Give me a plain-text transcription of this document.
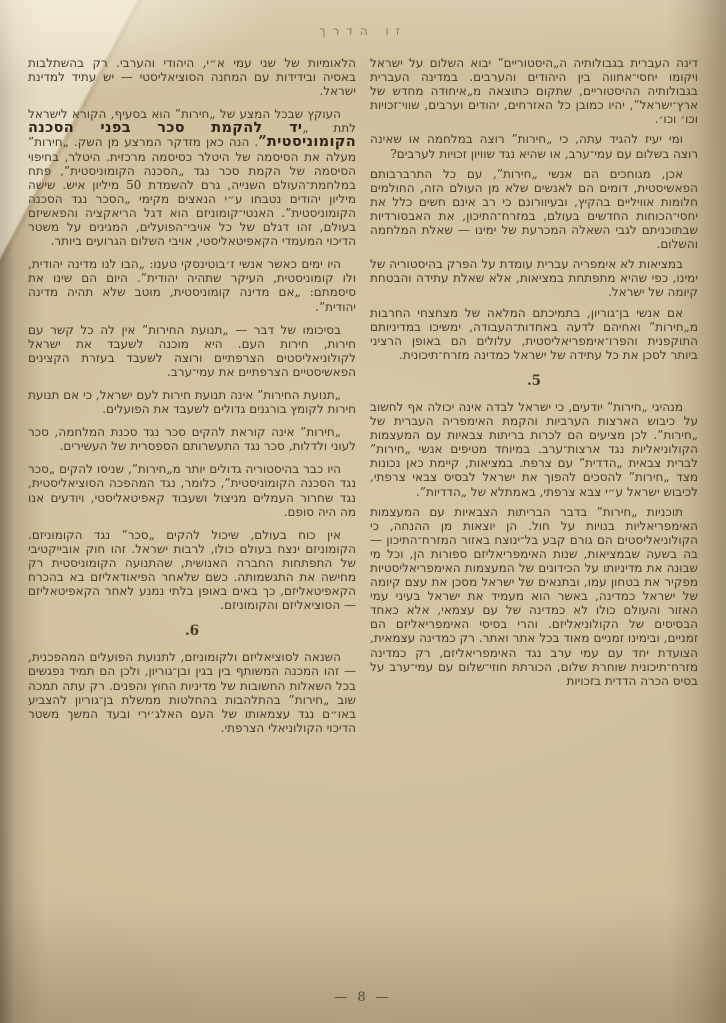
זו הדרך

דינה העברית בגבולותיה ה„היסטוריים” יבוא השלום על ישראל ויקומו יחסי־אחווה בין היהודים והערבים. במדינה העברית בגבולותיה ההיסטוריים, שתקום כתוצאה מ„איחודה מחדש של ארץ־ישראל”, יהיו כמובן כל האזרחים, יהודים וערבים, שווי־זכויות וכו׳ וכו׳.

ומי יעיז להגיד עתה, כי „חירות” רוצה במלחמה או שאינה רוצה בשלום עם עמי־ערב, או שהיא נגד שוויון זכויות לערבים?

אכן, מגוחכים הם אנשי „חירות”, עם כל התרברבותם הפאשיסטית, דומים הם לאנשים שלא מן העולם הזה, החולמים חלומות אוויליים בהקיץ, ובעיוורונם כי רב אינם חשים כלל את יחסי־הכוחות החדשים בעולם, במזרח־התיכון, את האבסורדיות שבתוכניתם לגבי השאלה המכרעת של ימינו — שאלת המלחמה והשלום.

במציאות לא אימפריה עברית עומדת על הפרק בהיסטוריה של ימינו, כפי שהיא מתפתחת במציאות, אלא שאלת עתידה והבטחת קיומה של ישראל.

אם אנשי בן־גוריון, בתמיכתם המלאה של מצחצחי החרבות מ„חירות” ואחיהם לדעה באחדות־העבודה, ימשיכו במדיניותם התוקפנית והפרו־אימפריאליסטית, עלולים הם באופן הרציני ביותר לסכן את כל עתידה של ישראל כמדינה מזרח־תיכונית.

.5

מנהיגי „חירות” יודעים, כי ישראל לבדה אינה יכולה אף לחשוב על כיבוש הארצות הערביות והקמת האימפריה העברית של „חירות”. לכן מציעים הם לכרות בריתות צבאיות עם המעצמות הקולוניאליות נגד ארצות־ערב. במיוחד מטיפים אנשי „חירות” לברית צבאית „הדדית” עם צרפת. במציאות, קיימת כאן נכונות מצד „חירות” להסכים להפוך את ישראל לבסיס צבאי צרפתי, לכיבוש ישראל ע״י צבא צרפתי, באמתלא של „הדדיות”.

תוכניות „חירות” בדבר הבריתות הצבאיות עם המעצמות האימפריאליות בנויות על חול. הן יוצאות מן ההנחה, כי הקולוניאליסטים הם גורם קבע בל־ינוצח באזור המזרח־התיכון — בה בשעה שבמציאות, שנות האימפריאליזם ספורות הן, וכל מי שבונה את מדיניותו על הכידונים של המעצמות האימפריאליסטיות מפקיר את בטחון עמו, ובתנאים של ישראל מסכן את עצם קיומה של ישראל כמדינה, באשר הוא מעמיד את ישראל בעיני עמי האזור והעולם כולו לא כמדינה של עם עצמאי, אלא כאחד הבסיסים של הקולוניאליזם. והרי בסיסי האימפריאליזם הם זמניים, ובימינו זמניים מאוד בכל אתר ואתר. רק כמדינה עצמאית, הצועדת יחד עם עמי ערב נגד האימפריאליזם, רק כמדינה מזרח־תיכונית שוחרת שלום, הכורתת חוזי־שלום עם עמי־ערב על בסיס הכרה הדדית בזכויות

הלאומיות של שני עמי א״י, היהודי והערבי. רק בהשתלבות באסיה ובידידות עם המחנה הסוציאליסטי — יש עתיד למדינת ישראל.

העוקץ שבכל המצע של „חירות” הוא בסעיף, הקורא לישראל לתת „יד להקמת סכר בפני הסכנה הקומוניסטית”. הנה כאן מזדקר המרצע מן השק. „חירות” מעלה את הסיסמה של היטלר כסיסמה מרכזית. היטלר, בחיפוי הסיסמה של הקמת סכר נגד „הסכנה הקומוניסטית”, פתח במלחמת־העולם השנייה, גרם להשמדת 50 מיליון איש. שישה מיליון יהודים נטבחו ע״י הנאצים מקימי „הסכר נגד הסכנה הקומוניסטית”. האנטי־קומוניזם הוא דגל הריאקציה והפאשיזם בעולם, זהו דגלם של כל אויבי־הפועלים, המגינים על משטר הדיכוי המעמדי הקאפיטאליסטי, אויבי השלום הגרועים ביותר.

היו ימים כאשר אנשי ז׳בוטינסקי טענו: „הבו לנו מדינה יהודית, ולו קומוניסטית, העיקר שתהיה יהודית”. היום הם שינו את סיסמתם: „אם מדינה קומוניסטית, מוטב שלא תהיה מדינה יהודית”.

בסיכומו של דבר — „תנועת החירות” אין לה כל קשר עם חירות, חירות העם. היא מוכנה לשעבד את ישראל לקולוניאליסטים הצרפתיים ורוצה לשעבד בעזרת הקצינים הפאשיסטיים הצרפתיים את עמי־ערב.

„תנועת החירות” אינה תנועת חירות לעם ישראל, כי אם תנועת חירות לקומץ בורגנים גדולים לשעבד את הפועלים.

„חירות” אינה קוראת להקים סכר נגד סכנת המלחמה, סכר לעוני ולדלות, סכר נגד התעשרותם הספסרית של העשירים.

היו כבר בהיסטוריה גדולים יותר מ„חירות”, שניסו להקים „סכר נגד הסכנה הקומוניסטית”, כלומר, נגד המהפכה הסוציאליסטית, נגד שחרור העמלים מניצול ושעבוד קאפיטאליסטי, ויודעים אנו מה היה סופם.

אין כוח בעולם, שיכול להקים „סכר” נגד הקומוניזם. הקומוניזם ינצח בעולם כולו, לרבות ישראל. זהו חוק אובייקטיבי של התפתחות החברה האנושית, שהתנועה הקומוניסטית רק מחישה את התגשמותה. כשם שלאחר הפיאודאליזם בא בהכרח הקאפיטאליזם, כך באים באופן בלתי נמנע לאחר הקאפיטאליזם — הסוציאליזם והקומוניזם.

.6

השנאה לסוציאליזם ולקומוניזם, לתנועת הפועלים המהפכנית, — זהו המכנה המשותף בין בגין ובן־גוריון, ולכן הם תמיד נפגשים בכל השאלות החשובות של מדיניות החוץ והפנים. רק עתה תמכה שוב „חירות” בהתלהבות בהחלטות ממשלת בן־גוריון להצביע באו״ם נגד עצמאותו של העם האלג׳ירי ובעד המשך משטר הדיכוי הקולוניאלי הצרפתי.

— 8 —
